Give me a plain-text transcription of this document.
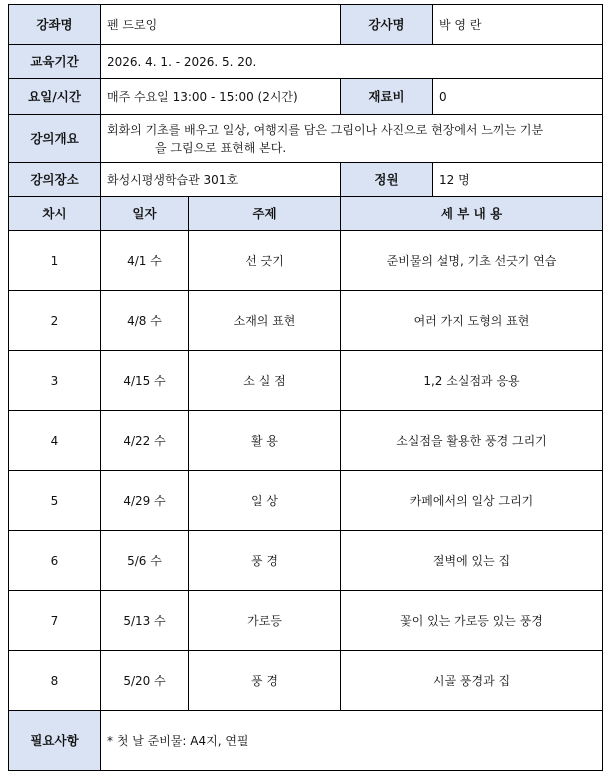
강좌명	펜 드로잉		강사명	박 영 란
교육기간	2026. 4. 1. - 2026. 5. 20.			
요일/시간	매주 수요일 13:00 - 15:00 (2시간)		재료비	0
강의개요	회화의 기초를 배우고 일상, 여행지를 담은 그림이나 사진으로 현장에서 느끼는 기분
을 그림으로 표현해 본다.			

강의장소	화성시평생학습관 301호		정원	12 명
차시	일자	주제	세 부 내 용	
1	4/1 수	선 긋기	준비물의 설명, 기초 선긋기 연습	
2	4/8 수	소재의 표현	여러 가지 도형의 표현	
3	4/15 수	소 실 점	1,2 소실점과 응용	
4	4/22 수	활 용	소실점을 활용한 풍경 그리기	
5	4/29 수	일 상	카페에서의 일상 그리기	
6	5/6 수	풍 경	절벽에 있는 집	
7	5/13 수	가로등	꽃이 있는 가로등 있는 풍경	
8	5/20 수	풍 경	시골 풍경과 집	
필요사항	* 첫 날 준비물: A4지, 연필			
